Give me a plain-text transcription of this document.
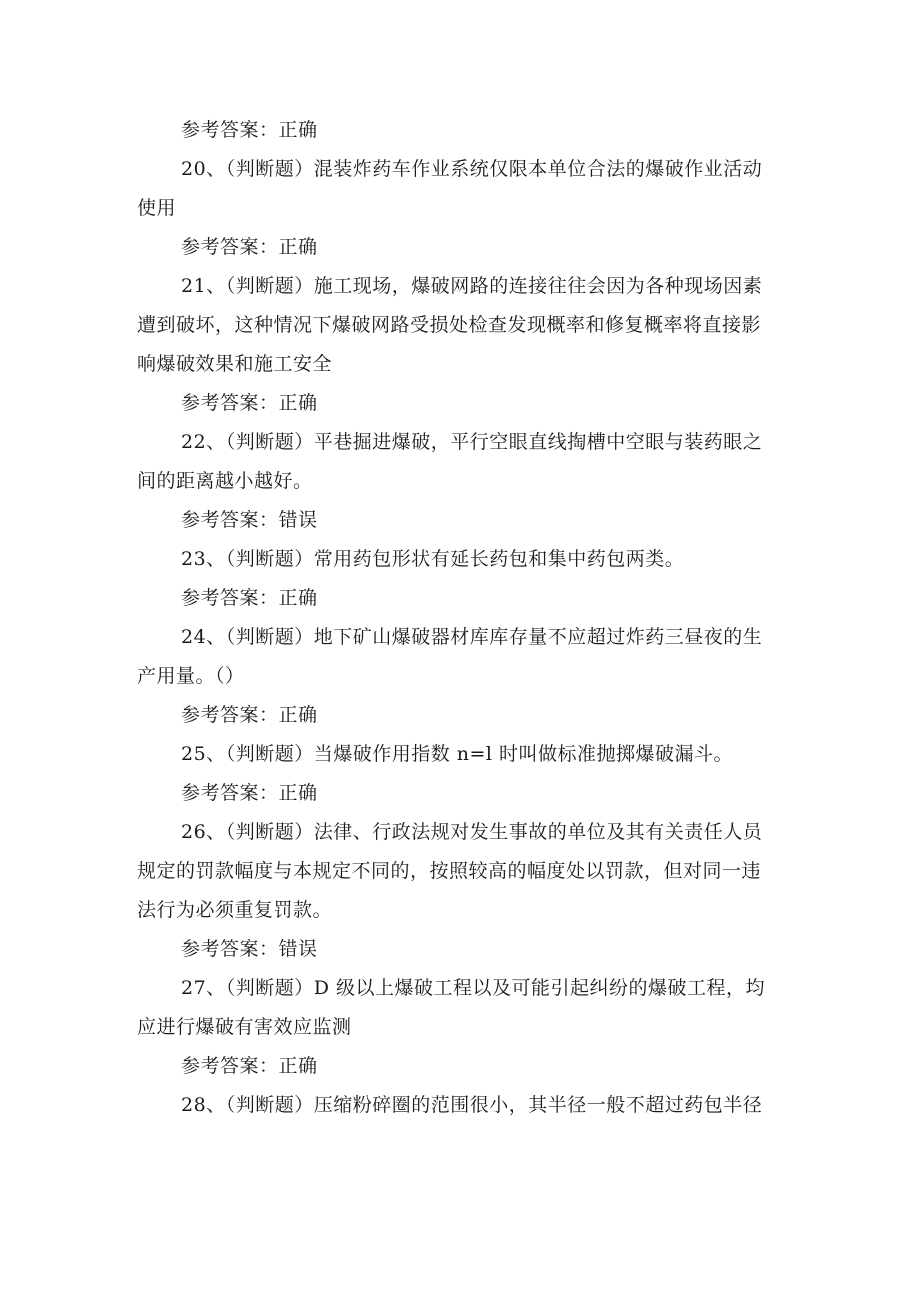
参考答案：正确
20、（判断题）混装炸药车作业系统仅限本单位合法的爆破作业活动
使用
参考答案：正确
21、（判断题）施工现场，爆破网路的连接往往会因为各种现场因素
遭到破坏，这种情况下爆破网路受损处检查发现概率和修复概率将直接影
响爆破效果和施工安全
参考答案：正确
22、（判断题）平巷掘进爆破，平行空眼直线掏槽中空眼与装药眼之
间的距离越小越好。
参考答案：错误
23、（判断题）常用药包形状有延长药包和集中药包两类。
参考答案：正确
24、（判断题）地下矿山爆破器材库库存量不应超过炸药三昼夜的生
产用量。（）
参考答案：正确
25、（判断题）当爆破作用指数 n=l 时叫做标准抛掷爆破漏斗。
参考答案：正确
26、（判断题）法律、行政法规对发生事故的单位及其有关责任人员
规定的罚款幅度与本规定不同的，按照较高的幅度处以罚款，但对同一违
法行为必须重复罚款。
参考答案：错误
27、（判断题）D 级以上爆破工程以及可能引起纠纷的爆破工程，均
应进行爆破有害效应监测
参考答案：正确
28、（判断题）压缩粉碎圈的范围很小，其半径一般不超过药包半径
